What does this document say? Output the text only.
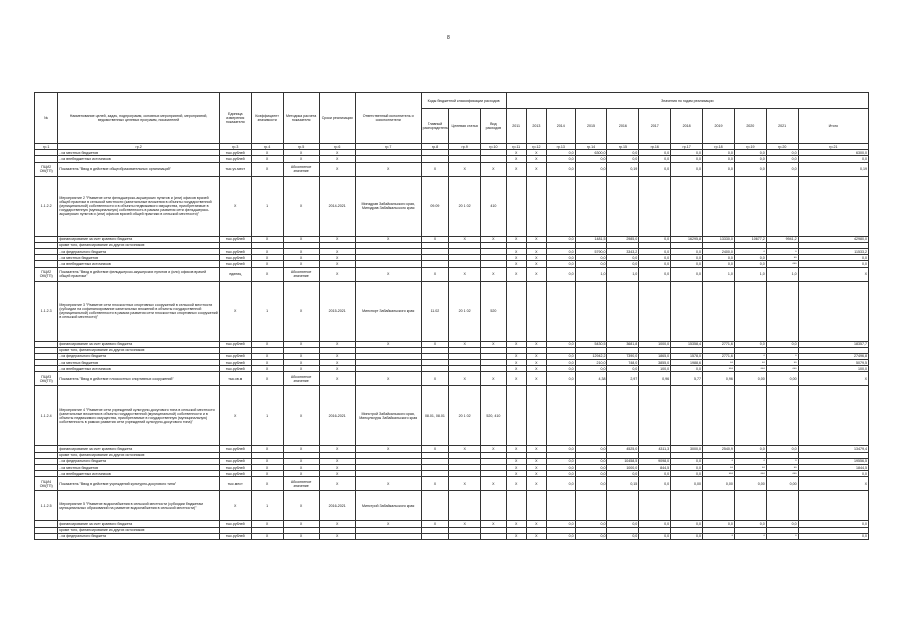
8
№	Наименование целей, задач, подпрограмм, основных мероприятий, мероприятий, ведомственных целевых программ, показателей	Единица измерения показателя	Коэффициент значимости	Методика расчета показателя	Сроки реализации	Ответственный исполнитель и соисполнители	Коды бюджетной классификации расходов			Значения по годам реализации										
							Главный распорядитель	Целевая статья	Вид расходов	2011	2013	2014	2015	2016	2017	2018	2019	2020	2021	Итого
гр.1	гр.2	гр.3	гр.4	гр.5	гр.6	гр.7	гр.8	гр.9	гр.10	гр.11	гр.12	гр.13	гр.14	гр.15	гр.16	гр.17	гр.18	гр.19	гр.20	гр.21
	- из местных бюджетов	тыс.рублей	X	X	X					X	X	0,0	6300,0	0,0	0,0	0,0	0,0	0,0	0,0	6300,0
	- из внебюджетных источников	тыс.рублей	X	X	X					X	X	0,0	0,0	0,0	0,0	0,0	0,0	0,0	0,0	0,0
ПЦИ2 ОМ(ТП)	Показатель "Ввод в действие общеобразовательных организаций"	тыс.уч.мест	X	Абсолютное значение	X	X	X	X	X	X	X	0,0	0,0	0,19	0,0	0,0	0,0	0,0	0,0	0,19
1.1.2.2	Мероприятие 2 "Развитие сети фельдшерско-акушерских пунктов и (или) офисов врачей общей практики в сельской местности (капитальные вложения в объекты государственной (муниципальной) собственности и в объекты недвижимого имущества, приобретаемые в государственную (муниципальную) собственность в рамках развития сети фельдшерско-акушерских пунктов и (или) офисов врачей общей практики в сельской местности)"	X	1	X	2014-2021	Минздрав Забайкальского края, Минздрав Забайкальского края	09.09	20 1 02	410											
	финансирование за счет краевого бюджета	тыс.рублей	X	X	X	X	X	X	X	X	X	0,0	1481,5	2985,0	0,0	16295,8	13330,0	10677,2	9941,2	42980,0
	кроме того, финансирование из других источников:																			
	- из федерального бюджета	тыс.рублей	X	X	X					X	X	0,0	5790,0	3343,2	0,0	0,0	2400,0	*	*	11533,2
	- из местных бюджетов	тыс.рублей	X	X	X					X	X	0,0	0,0	0,0	0,0	0,0	0,0	0,0	**	0,0
	- из внебюджетных источников	тыс.рублей	X	X	X					X	X	0,0	0,0	0,0	0,0	0,0	0,0	0,0	***	0,0
ПЦИ2 ОМ(ТП)	Показатель "Ввод в действие фельдшерско-акушерских пунктов и (или) офисов врачей общей практики"	единиц	X	Абсолютное значение	X	X	X	X	X	X	X	0,0	1,0	1,0	0,0	0,0	1,0	1,0	1,0	X
1.1.2.3	Мероприятие 3 "Развитие сети плоскостных спортивных сооружений в сельской местности (субсидии на софинансирование капитальных вложений в объекты государственной (муниципальной) собственности в рамках развития сети плоскостных спортивных сооружений в сельской местности)"	X	1	X	2015-2021	Минспорт Забайкальского края	11.02	20 1 02	520											
	финансирование за счет краевого бюджета	тыс.рублей	X	X	X	X	X	X	X	X	X	0,0	5430,5	3681,8	1000,0	15358,4	2771,6	0,0	0,0	18357,7
	кроме того, финансирование из других источников:																			
	- из федерального бюджета	тыс.рублей	X	X	X					X	X	0,0	12942,2	7390,0	1865,0	1578,0	2771,6	*	*	27496,8
	- из местных бюджетов	тыс.рублей	X	X	X					X	X	0,0	210,0	748,0	3855,0	1988,6	**	**	**	5079,5
	- из внебюджетных источников	тыс.рублей	X	X	X					X	X	0,0	0,0	0,0	100,0	0,0	***	***	***	100,0
ПЦИ3 ОМ(ТП)	Показатель "Ввод в действие плоскостных спортивных сооружений"	тыс.кв.м	X	Абсолютное значение	X	X	X	X	X	X	X	0,0	4,38	2,97	0,96	5,77	0,96	0,00	0,00	X
1.1.2.4	Мероприятие 4 "Развитие сети учреждений культурно-досугового типа в сельской местности (капитальные вложения в объекты государственной (муниципальной) собственности и в объекты недвижимого имущества, приобретаемые в государственную (муниципальную) собственность в рамках развития сети учреждений культурно-досугового типа)"	X	1	X	2016-2021	Минстрой Забайкальского края, Минкультуры Забайкальского края	08.01, 08.01	20 1 02	520, 410											
	финансирование за счет краевого бюджета	тыс.рублей	X	X	X	X	X	X	X	X	X	0,0	0,0	4525,0	4311,3	3000,0	2540,9	0,0	0,0	13479,4
	кроме того, финансирование из других источников:																			
	- из федерального бюджета	тыс.рублей	X	X	X					X	X	0,0	0,0	10458,5	9098,0	0,0	*	*	*	19556,5
	- из местных бюджетов	тыс.рублей	X	X	X					X	X	0,0	0,0	1000,0	844,5	0,0	**	**	**	1844,5
	- из внебюджетных источников	тыс.рублей	X	X	X					X	X	0,0	0,0	0,0	0,0	0,0	***	***	***	0,0
ПЦИ4 ОМ(ТП)	Показатель "Ввод в действие учреждений культурно-досугового типа"	тыс.мест	X	Абсолютное значение	X	X	X	X	X	X	X	0,0	0,0	0,15	0,0	0,00	0,00	0,00	0,00	X
1.1.2.5	Мероприятие 5 "Развитие водоснабжения в сельской местности (субсидии бюджетам муниципальных образований на развитие водоснабжения в сельской местности)"	X	1	X	2016-2021	Минстрой Забайкальского края														
	финансирование за счет краевого бюджета	тыс.рублей	X	X	X	X	X	X	X	X	X	0,0	0,0	0,0	0,0	0,0	0,0	0,0	0,0	0,0
	кроме того, финансирование из других источников:																			
	- из федерального бюджета	тыс.рублей	X	X	X					X	X	0,0	0,0	0,0	0,0	0,0	*	*	*	0,0
